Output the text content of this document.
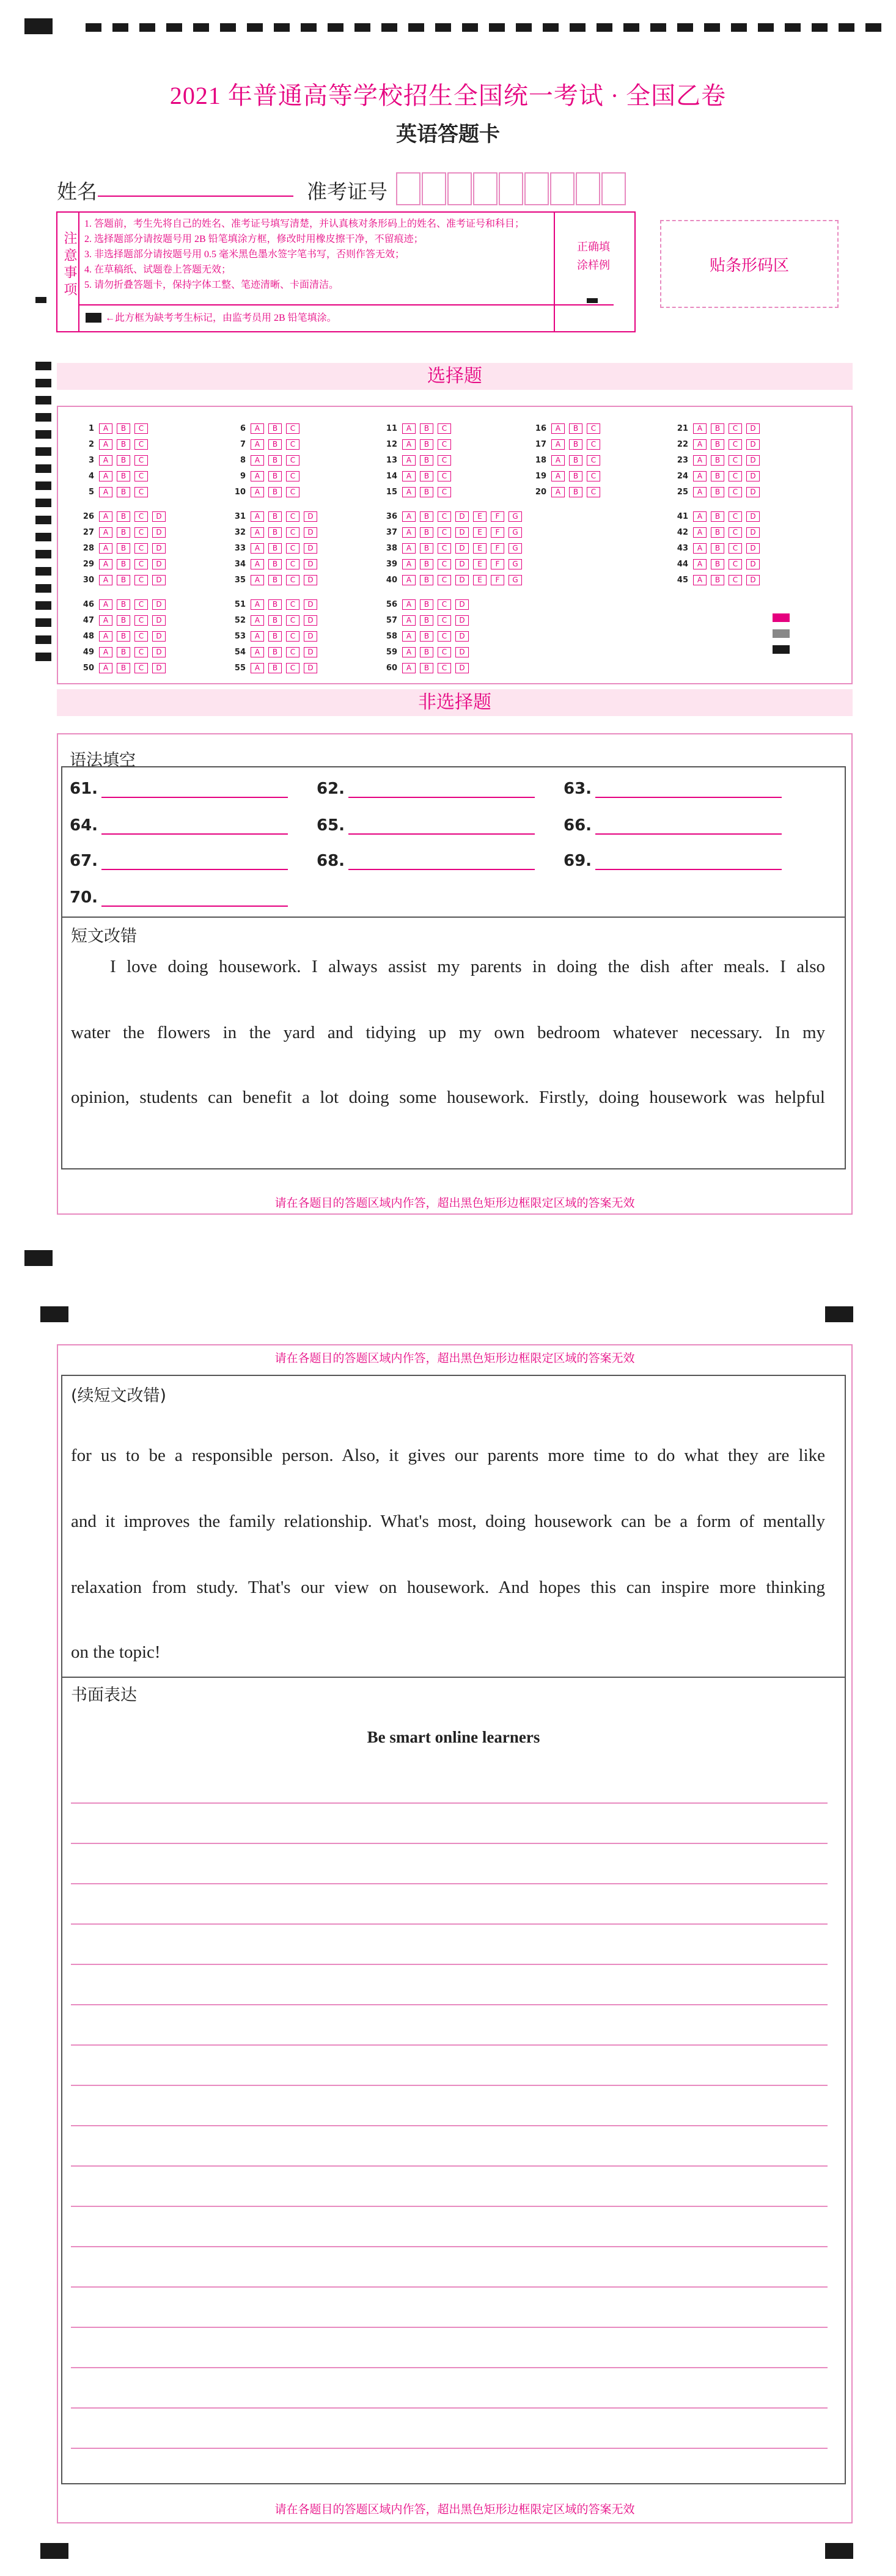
2021 年普通高等学校招生全国统一考试 · 全国乙卷
英语答题卡
姓名	准考证号
注意事项
1. 答题前，考生先将自己的姓名、准考证号填写清楚，并认真核对条形码上的姓名、准考证号和科目；
2. 选择题部分请按题号用 2B 铅笔填涂方框，修改时用橡皮擦干净，不留痕迹；
3. 非选择题部分请按题号用 0.5 毫米黑色墨水签字笔书写，否则作答无效；
4. 在草稿纸、试题卷上答题无效；
5. 请勿折叠答题卡，保持字体工整、笔迹清晰、卡面清洁。
←此方框为缺考考生标记，由监考员用 2B 铅笔填涂。
正确填涂样例	贴条形码区
选择题
非选择题
语法填空
61.	62.	63.
64.	65.	66.
67.	68.	69.
70.
短文改错
I love doing housework. I always assist my parents in doing the dish after meals. I also
water the flowers in the yard and tidying up my own bedroom whatever necessary. In my
opinion, students can benefit a lot doing some housework. Firstly, doing housework was helpful
请在各题目的答题区域内作答，超出黑色矩形边框限定区域的答案无效
请在各题目的答题区域内作答，超出黑色矩形边框限定区域的答案无效
(续短文改错)
for us to be a responsible person. Also, it gives our parents more time to do what they are like
and it improves the family relationship. What's most, doing housework can be a form of mentally
relaxation from study. That's our view on housework. And hopes this can inspire more thinking
on the topic!
书面表达
Be smart online learners
请在各题目的答题区域内作答，超出黑色矩形边框限定区域的答案无效
1	A	B	C
2	A	B	C
3	A	B	C
4	A	B	C
5	A	B	C
6	A	B	C
7	A	B	C
8	A	B	C
9	A	B	C
10	A	B	C
11	A	B	C
12	A	B	C
13	A	B	C
14	A	B	C
15	A	B	C
16	A	B	C
17	A	B	C
18	A	B	C
19	A	B	C
20	A	B	C
21	A	B	C	D
22	A	B	C	D
23	A	B	C	D
24	A	B	C	D
25	A	B	C	D
26	A	B	C	D
27	A	B	C	D
28	A	B	C	D
29	A	B	C	D
30	A	B	C	D
31	A	B	C	D
32	A	B	C	D
33	A	B	C	D
34	A	B	C	D
35	A	B	C	D
36	A	B	C	D	E	F	G
37	A	B	C	D	E	F	G
38	A	B	C	D	E	F	G
39	A	B	C	D	E	F	G
40	A	B	C	D	E	F	G
41	A	B	C	D
42	A	B	C	D
43	A	B	C	D
44	A	B	C	D
45	A	B	C	D
46	A	B	C	D
47	A	B	C	D
48	A	B	C	D
49	A	B	C	D
50	A	B	C	D
51	A	B	C	D
52	A	B	C	D
53	A	B	C	D
54	A	B	C	D
55	A	B	C	D
56	A	B	C	D
57	A	B	C	D
58	A	B	C	D
59	A	B	C	D
60	A	B	C	D
